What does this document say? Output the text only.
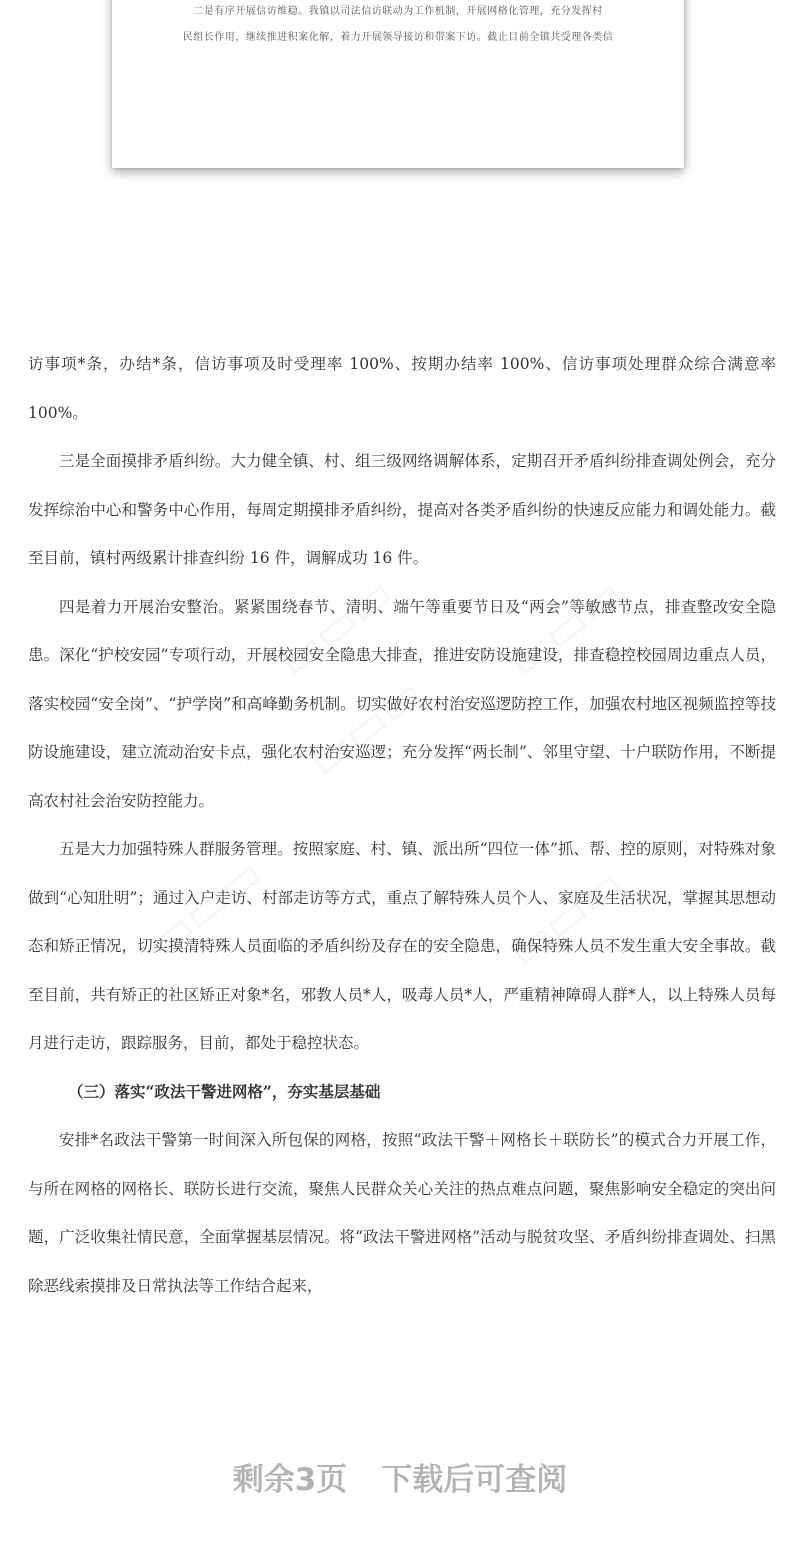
二是有序开展信访维稳。我镇以司法信访联动为工作机制，开展网格化管理，充分发挥村
民组长作用，继续推进积案化解，着力开展领导接访和带案下访。截止目前全镇共受理各类信

访事项*条，办结*条，信访事项及时受理率 100%、按期办结率 100%、信访事项处理群众综合满意率 100%。

三是全面摸排矛盾纠纷。大力健全镇、村、组三级网络调解体系，定期召开矛盾纠纷排查调处例会，充分发挥综治中心和警务中心作用，每周定期摸排矛盾纠纷，提高对各类矛盾纠纷的快速反应能力和调处能力。截至目前，镇村两级累计排查纠纷 16 件，调解成功 16 件。

四是着力开展治安整治。紧紧围绕春节、清明、端午等重要节日及“两会”等敏感节点，排查整改安全隐患。深化“护校安园”专项行动，开展校园安全隐患大排查，推进安防设施建设，排查稳控校园周边重点人员，落实校园“安全岗”、“护学岗”和高峰勤务机制。切实做好农村治安巡逻防控工作，加强农村地区视频监控等技防设施建设，建立流动治安卡点，强化农村治安巡逻；充分发挥“两长制”、邻里守望、十户联防作用，不断提高农村社会治安防控能力。

五是大力加强特殊人群服务管理。按照家庭、村、镇、派出所“四位一体”抓、帮、控的原则，对特殊对象做到“心知肚明”；通过入户走访、村部走访等方式，重点了解特殊人员个人、家庭及生活状况，掌握其思想动态和矫正情况，切实摸清特殊人员面临的矛盾纠纷及存在的安全隐患，确保特殊人员不发生重大安全事故。截至目前，共有矫正的社区矫正对象*名，邪教人员*人，吸毒人员*人，严重精神障碍人群*人，以上特殊人员每月进行走访，跟踪服务，目前，都处于稳控状态。

（三）落实“政法干警进网格”，夯实基层基础

安排*名政法干警第一时间深入所包保的网格，按照“政法干警＋网格长＋联防长”的模式合力开展工作，与所在网格的网格长、联防长进行交流，聚焦人民群众关心关注的热点难点问题，聚焦影响安全稳定的突出问题，广泛收集社情民意，全面掌握基层情况。将“政法干警进网格”活动与脱贫攻坚、矛盾纠纷排查调处、扫黑除恶线索摸排及日常执法等工作结合起来，

剩余3页 下载后可查阅
